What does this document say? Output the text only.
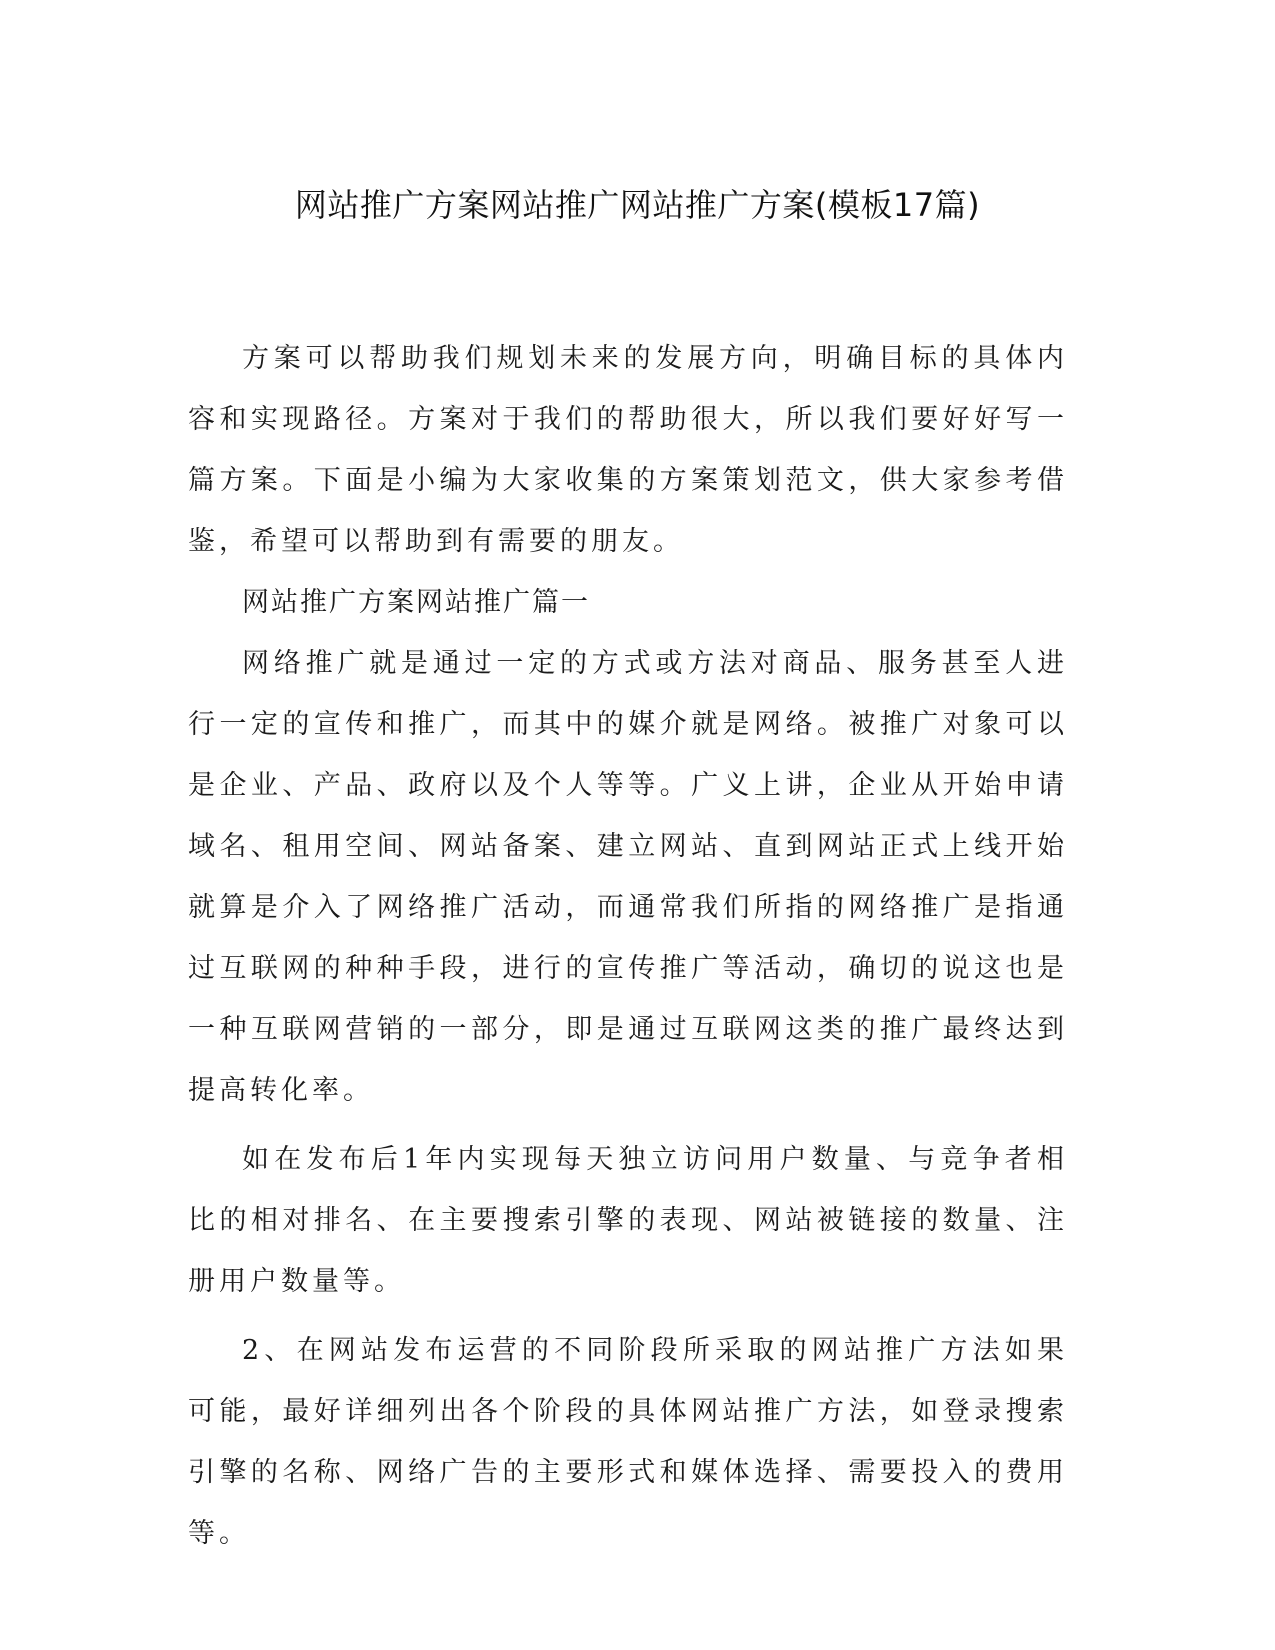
网站推广方案网站推广网站推广方案(模板17篇)

方案可以帮助我们规划未来的发展方向，明确目标的具体内容和实现路径。方案对于我们的帮助很大，所以我们要好好写一篇方案。下面是小编为大家收集的方案策划范文，供大家参考借鉴，希望可以帮助到有需要的朋友。

网站推广方案网站推广篇一

网络推广就是通过一定的方式或方法对商品、服务甚至人进行一定的宣传和推广，而其中的媒介就是网络。被推广对象可以是企业、产品、政府以及个人等等。广义上讲，企业从开始申请域名、租用空间、网站备案、建立网站、直到网站正式上线开始就算是介入了网络推广活动，而通常我们所指的网络推广是指通过互联网的种种手段，进行的宣传推广等活动，确切的说这也是一种互联网营销的一部分，即是通过互联网这类的推广最终达到提高转化率。

如在发布后1年内实现每天独立访问用户数量、与竞争者相比的相对排名、在主要搜索引擎的表现、网站被链接的数量、注册用户数量等。

2、在网站发布运营的不同阶段所采取的网站推广方法如果可能，最好详细列出各个阶段的具体网站推广方法，如登录搜索引擎的名称、网络广告的主要形式和媒体选择、需要投入的费用等。
